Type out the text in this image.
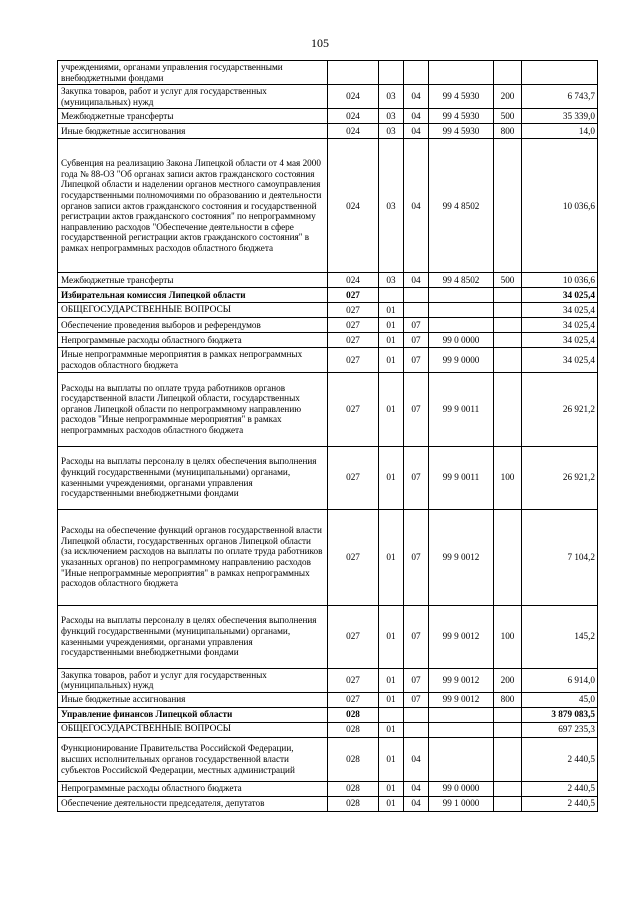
105
учреждениями, органами управления государственными внебюджетными фондами						
Закупка товаров, работ и услуг для государственных (муниципальных) нужд	024	03	04	99 4 5930	200	6 743,7
Межбюджетные трансферты	024	03	04	99 4 5930	500	35 339,0
Иные бюджетные ассигнования	024	03	04	99 4 5930	800	14,0
Субвенция на реализацию Закона Липецкой области от 4 мая 2000 года № 88-ОЗ "Об органах записи актов гражданского состояния Липецкой области и наделении органов местного самоуправления государственными полномочиями по образованию и деятельности органов записи актов гражданского состояния и государственной регистрации актов гражданского состояния" по непрограммному направлению расходов "Обеспечение деятельности в сфере государственной регистрации актов гражданского состояния" в рамках непрограммных расходов областного бюджета	024	03	04	99 4 8502		10 036,6
Межбюджетные трансферты	024	03	04	99 4 8502	500	10 036,6
Избирательная комиссия Липецкой области	027					34 025,4
ОБЩЕГОСУДАРСТВЕННЫЕ ВОПРОСЫ	027	01				34 025,4
Обеспечение проведения выборов и референдумов	027	01	07			34 025,4
Непрограммные расходы областного бюджета	027	01	07	99 0 0000		34 025,4
Иные непрограммные мероприятия в рамках непрограммных расходов областного бюджета	027	01	07	99 9 0000		34 025,4
Расходы на выплаты по оплате труда работников органов государственной власти Липецкой области, государственных органов Липецкой области по непрограммному направлению расходов "Иные непрограммные мероприятия" в рамках непрограммных расходов областного бюджета	027	01	07	99 9 0011		26 921,2
Расходы на выплаты персоналу в целях обеспечения выполнения функций государственными (муниципальными) органами, казенными учреждениями, органами управления государственными внебюджетными фондами	027	01	07	99 9 0011	100	26 921,2
Расходы на обеспечение функций органов государственной власти Липецкой области, государственных органов Липецкой области (за исключением расходов на выплаты по оплате труда работников указанных органов) по непрограммному направлению расходов "Иные непрограммные мероприятия" в рамках непрограммных расходов областного бюджета	027	01	07	99 9 0012		7 104,2
Расходы на выплаты персоналу в целях обеспечения выполнения функций государственными (муниципальными) органами, казенными учреждениями, органами управления государственными внебюджетными фондами	027	01	07	99 9 0012	100	145,2
Закупка товаров, работ и услуг для государственных (муниципальных) нужд	027	01	07	99 9 0012	200	6 914,0
Иные бюджетные ассигнования	027	01	07	99 9 0012	800	45,0
Управление финансов Липецкой области	028					3 879 083,5
ОБЩЕГОСУДАРСТВЕННЫЕ ВОПРОСЫ	028	01				697 235,3
Функционирование Правительства Российской Федерации, высших исполнительных органов государственной власти субъектов Российской Федерации, местных администраций	028	01	04			2 440,5
Непрограммные расходы областного бюджета	028	01	04	99 0 0000		2 440,5
Обеспечение деятельности председателя, депутатов	028	01	04	99 1 0000		2 440,5
